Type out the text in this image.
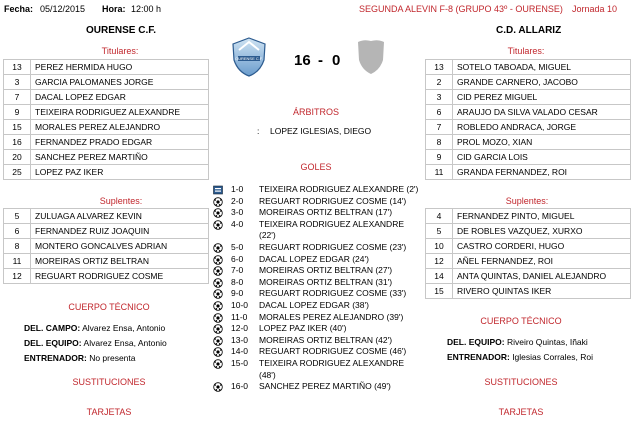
Fecha: 05/12/2015 Hora: 12:00 h	SEGUNDA ALEVIN F-8 (GRUPO 43º - OURENSE) Jornada 10
OURENSE C.F.	C.D. ALLARIZ
OURENSE C.F. 16 - 0
Titulares:
13	PEREZ HERMIDA HUGO
3	GARCIA PALOMANES JORGE
7	DACAL LOPEZ EDGAR
9	TEIXEIRA RODRIGUEZ ALEXANDRE
15	MORALES PEREZ ALEJANDRO
16	FERNANDEZ PRADO EDGAR
20	SANCHEZ PEREZ MARTIÑO
25	LOPEZ PAZ IKER
Suplentes:
5	ZULUAGA ALVAREZ KEVIN
6	FERNANDEZ RUIZ JOAQUIN
8	MONTERO GONCALVES ADRIAN
11	MOREIRAS ORTIZ BELTRAN
12	REGUART RODRIGUEZ COSME
Titulares:
13	SOTELO TABOADA, MIGUEL
2	GRANDE CARNERO, JACOBO
3	CID PEREZ MIGUEL
6	ARAUJO DA SILVA VALADO CESAR
7	ROBLEDO ANDRACA, JORGE
8	PROL MOZO, XIAN
9	CID GARCIA LOIS
11	GRANDA FERNANDEZ, ROI
Suplentes:
4	FERNANDEZ PINTO, MIGUEL
5	DE ROBLES VAZQUEZ, XURXO
10	CASTRO CORDERI, HUGO
12	AÑEL FERNANDEZ, ROI
14	ANTA QUINTAS, DANIEL ALEJANDRO
15	RIVERO QUINTAS IKER
CUERPO TÉCNICO
DEL. CAMPO: Alvarez Ensa, Antonio
DEL. EQUIPO: Alvarez Ensa, Antonio
ENTRENADOR: No presenta
SUSTITUCIONES
TARJETAS
CUERPO TÉCNICO
DEL. EQUIPO: Riveiro Quintas, Iñaki
ENTRENADOR: Iglesias Corrales, Roi
SUSTITUCIONES
TARJETAS
ÁRBITROS
: LOPEZ IGLESIAS, DIEGO
GOLES
1-0 TEIXEIRA RODRIGUEZ ALEXANDRE (2')
2-0 REGUART RODRIGUEZ COSME (14')
3-0 MOREIRAS ORTIZ BELTRAN (17')
4-0 TEIXEIRA RODRIGUEZ ALEXANDRE
(22')
5-0 REGUART RODRIGUEZ COSME (23')
6-0 DACAL LOPEZ EDGAR (24')
7-0 MOREIRAS ORTIZ BELTRAN (27')
8-0 MOREIRAS ORTIZ BELTRAN (31')
9-0 REGUART RODRIGUEZ COSME (33')
10-0 DACAL LOPEZ EDGAR (38')
11-0 MORALES PEREZ ALEJANDRO (39')
12-0 LOPEZ PAZ IKER (40')
13-0 MOREIRAS ORTIZ BELTRAN (42')
14-0 REGUART RODRIGUEZ COSME (46')
15-0 TEIXEIRA RODRIGUEZ ALEXANDRE
(48')
16-0 SANCHEZ PEREZ MARTIÑO (49')
